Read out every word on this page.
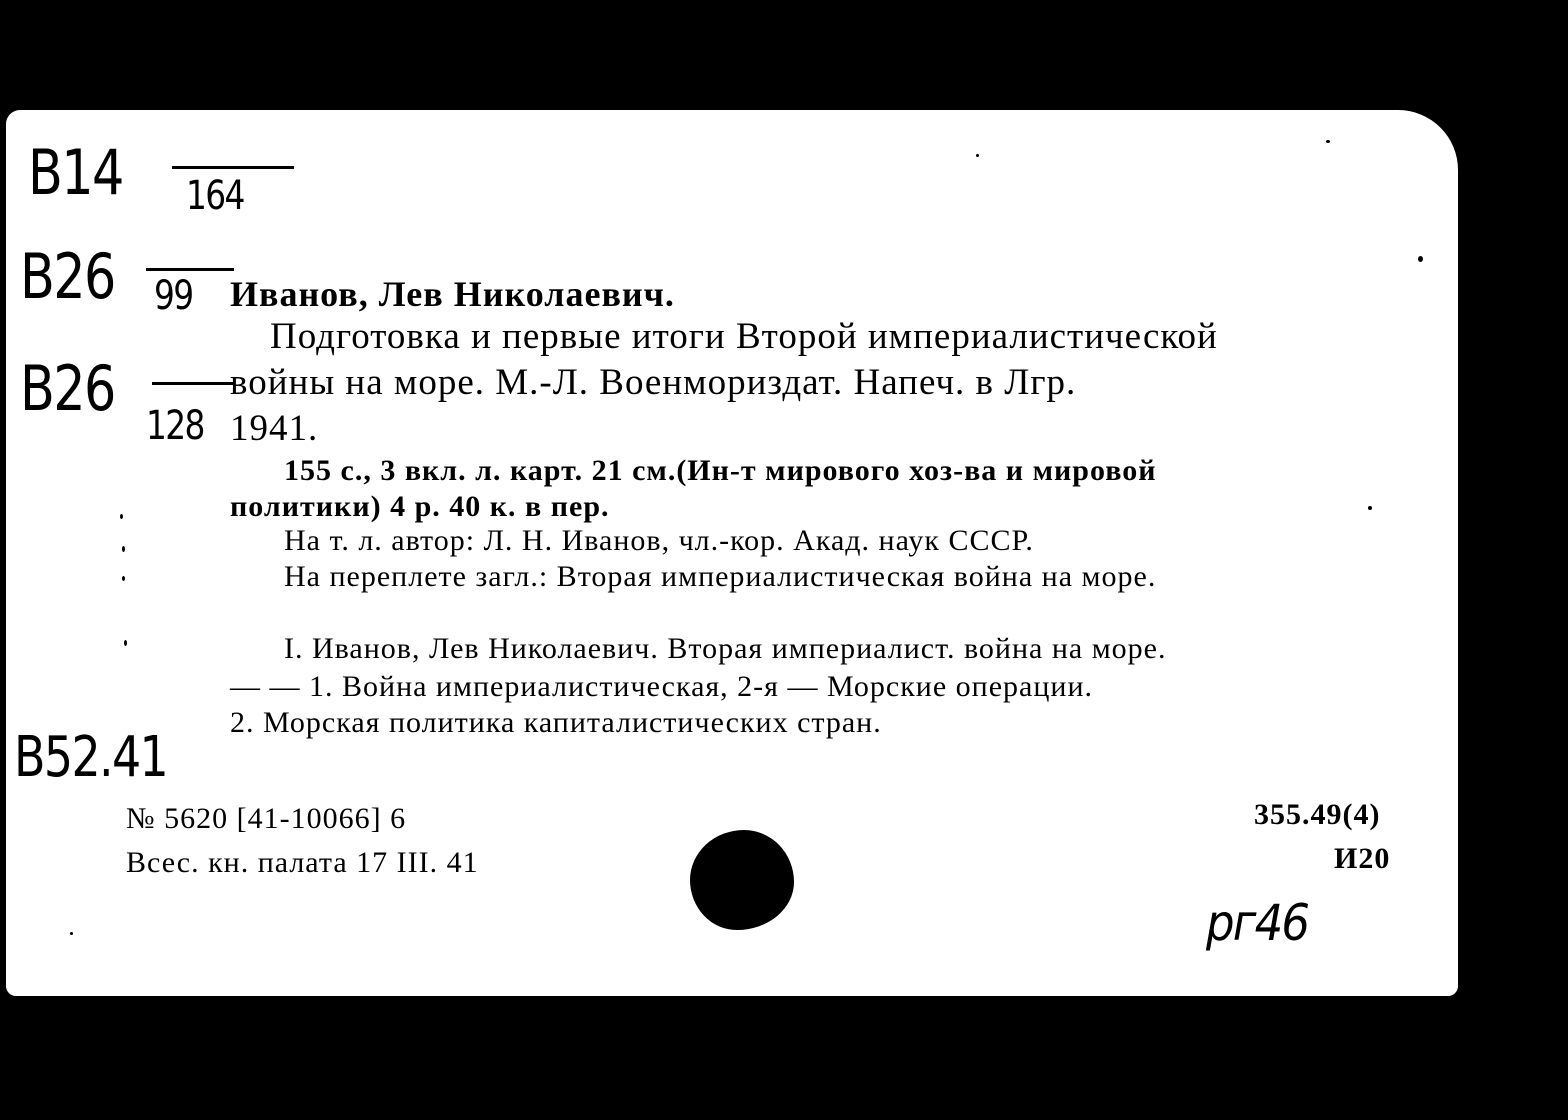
B14 164
B26 99
B26
128
Иванов, Лев Николаевич.
Подготовка и первые итоги Второй империалистической
войны на море. М.-Л. Военмориздат. Напеч. в Лгр.
1941.
155 с., 3 вкл. л. карт. 21 см.(Ин-т мирового хоз-ва и мировой
политики) 4 р. 40 к. в пер.
На т. л. автор: Л. Н. Иванов, чл.-кор. Акад. наук СССР.
На переплете загл.: Вторая империалистическая война на море.
I. Иванов, Лев Николаевич. Вторая империалист. война на море.
— — 1. Война империалистическая, 2-я — Морские операции.
2. Морская политика капиталистических стран.
B52.41
№ 5620 [41-10066] 6
Всес. кн. палата 17 III. 41
355.49(4)
И20
рг46
